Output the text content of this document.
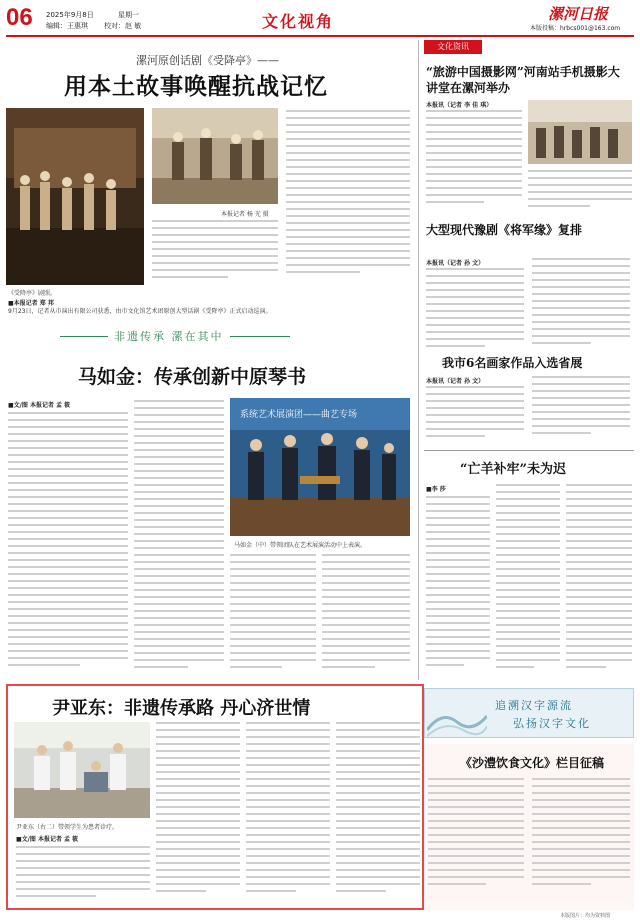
06 2025年9月8日	星期一
编辑：王惠琪 校对：赵 敏	文化视角	漯河日报
本版投稿：hrbcs001@163.com
漯河原创话剧《受降亭》——
用本土故事唤醒抗战记忆
《受降亭》剧照。
本报记者 杨 光 摄
■本报记者 郑 邦
9月23日，记者从市演出有限公司获悉，由市文化馆艺术团原创大型话剧《受降亭》正式启动巡演。
非遗传承 漯在其中
马如金：传承创新中原琴书
■文/图 本报记者 孟 筱
系统艺术展演团——曲艺专场
马如金（中）带领团队在艺术展演活动中上表演。
尹亚东：非遗传承路 丹心济世情
尹亚东（右二）带领学生为患者诊疗。
■文/图 本报记者 孟 筱
文化资讯
“旅游中国摄影网”河南站手机摄影大讲堂在漯河举办
本报讯（记者 李 佳 琪）
大型现代豫剧《将军缘》复排
本报讯（记者 孙 文）
我市6名画家作品入选省展
本报讯（记者 孙 文）
“亡羊补牢”未为迟
■李 莎
追溯汉字源流
弘扬汉字文化
《沙澧饮食文化》栏目征稿
本版图片：均为资料图
